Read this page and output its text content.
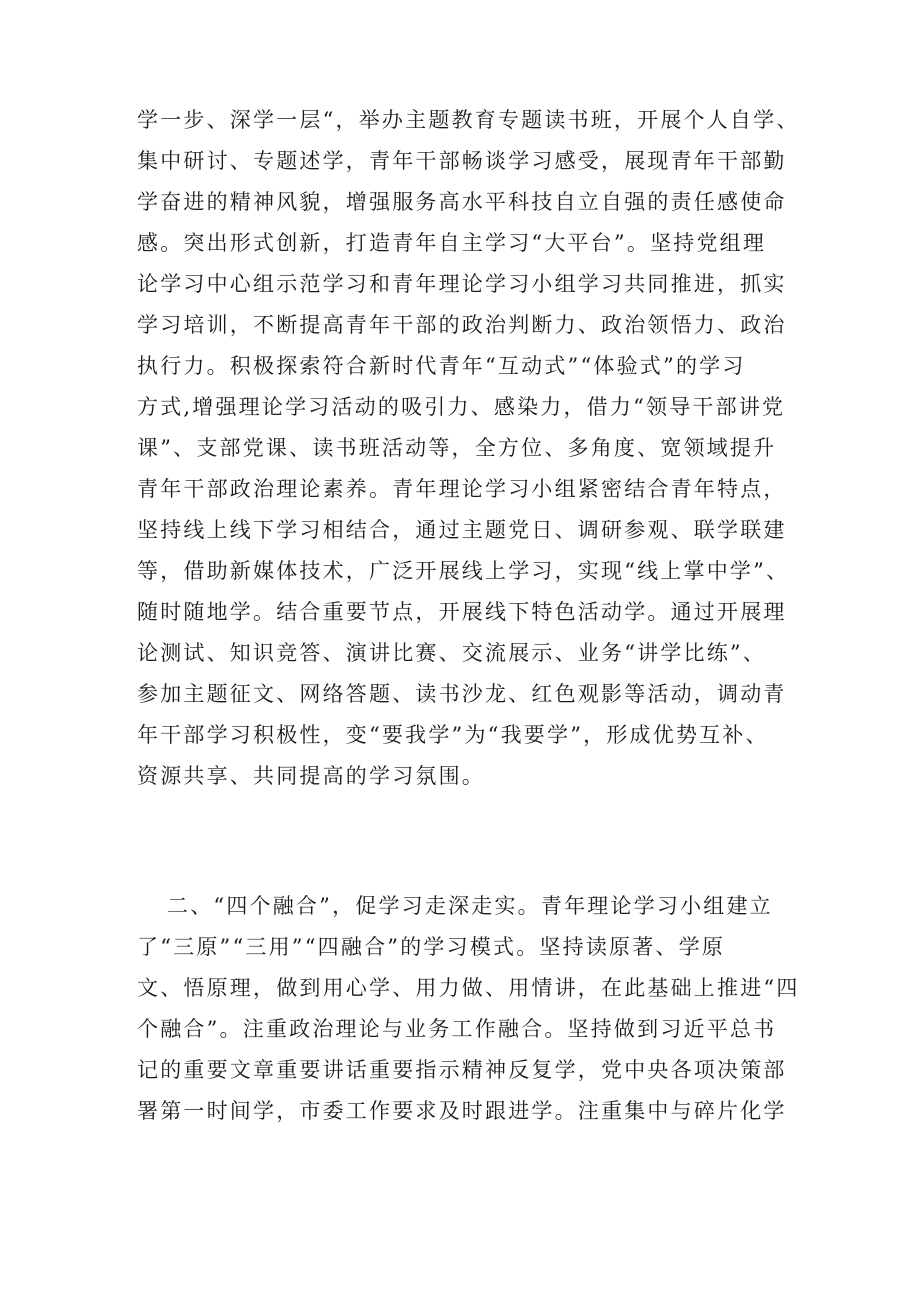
学一步、深学一层“，举办主题教育专题读书班，开展个人自学、
集中研讨、专题述学，青年干部畅谈学习感受，展现青年干部勤
学奋进的精神风貌，增强服务高水平科技自立自强的责任感使命
感。突出形式创新，打造青年自主学习“大平台”。坚持党组理
论学习中心组示范学习和青年理论学习小组学习共同推进，抓实
学习培训，不断提高青年干部的政治判断力、政治领悟力、政治
执行力。积极探索符合新时代青年“互动式”“体验式”的学习
方式,增强理论学习活动的吸引力、感染力，借力“领导干部讲党
课”、支部党课、读书班活动等，全方位、多角度、宽领域提升
青年干部政治理论素养。青年理论学习小组紧密结合青年特点，
坚持线上线下学习相结合，通过主题党日、调研参观、联学联建
等，借助新媒体技术，广泛开展线上学习，实现“线上掌中学”、
随时随地学。结合重要节点，开展线下特色活动学。通过开展理
论测试、知识竞答、演讲比赛、交流展示、业务“讲学比练”、
参加主题征文、网络答题、读书沙龙、红色观影等活动，调动青
年干部学习积极性，变“要我学”为“我要学”，形成优势互补、
资源共享、共同提高的学习氛围。
二、“四个融合”，促学习走深走实。青年理论学习小组建立
了“三原”“三用”“四融合”的学习模式。坚持读原著、学原
文、悟原理，做到用心学、用力做、用情讲，在此基础上推进“四
个融合”。注重政治理论与业务工作融合。坚持做到习近平总书
记的重要文章重要讲话重要指示精神反复学，党中央各项决策部
署第一时间学，市委工作要求及时跟进学。注重集中与碎片化学
